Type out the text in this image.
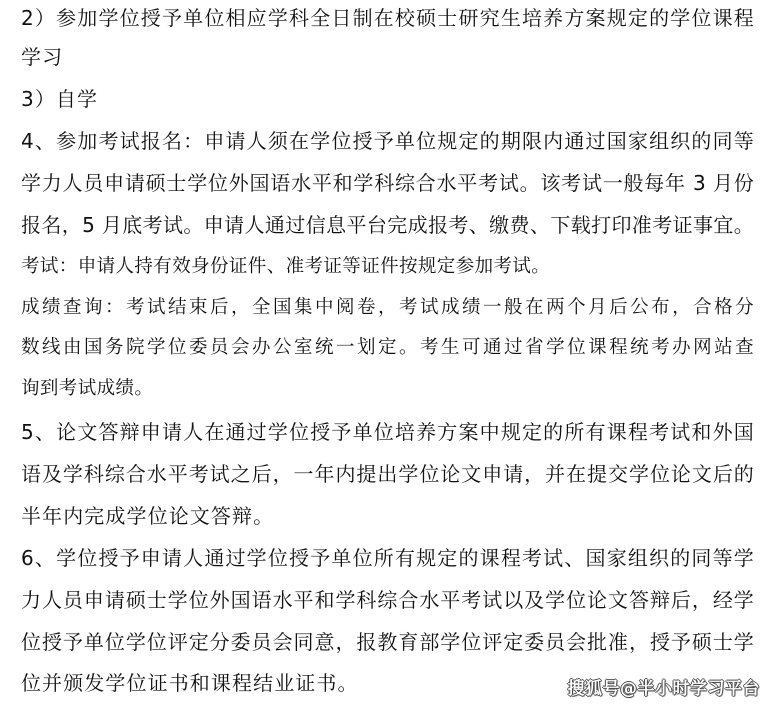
2）参加学位授予单位相应学科全日制在校硕士研究生培养方案规定的学位课程
学习
3）自学
4、参加考试报名：申请人须在学位授予单位规定的期限内通过国家组织的同等
学力人员申请硕士学位外国语水平和学科综合水平考试。该考试一般每年 3 月份
报名，5 月底考试。申请人通过信息平台完成报考、缴费、下载打印准考证事宜。
考试：申请人持有效身份证件、准考证等证件按规定参加考试。
成绩查询：考试结束后，全国集中阅卷，考试成绩一般在两个月后公布，合格分
数线由国务院学位委员会办公室统一划定。考生可通过省学位课程统考办网站查
询到考试成绩。
5、论文答辩申请人在通过学位授予单位培养方案中规定的所有课程考试和外国
语及学科综合水平考试之后，一年内提出学位论文申请，并在提交学位论文后的
半年内完成学位论文答辩。
6、学位授予申请人通过学位授予单位所有规定的课程考试、国家组织的同等学
力人员申请硕士学位外国语水平和学科综合水平考试以及学位论文答辩后，经学
位授予单位学位评定分委员会同意，报教育部学位评定委员会批准，授予硕士学
位并颁发学位证书和课程结业证书。	搜狐号@半小时学习平台
